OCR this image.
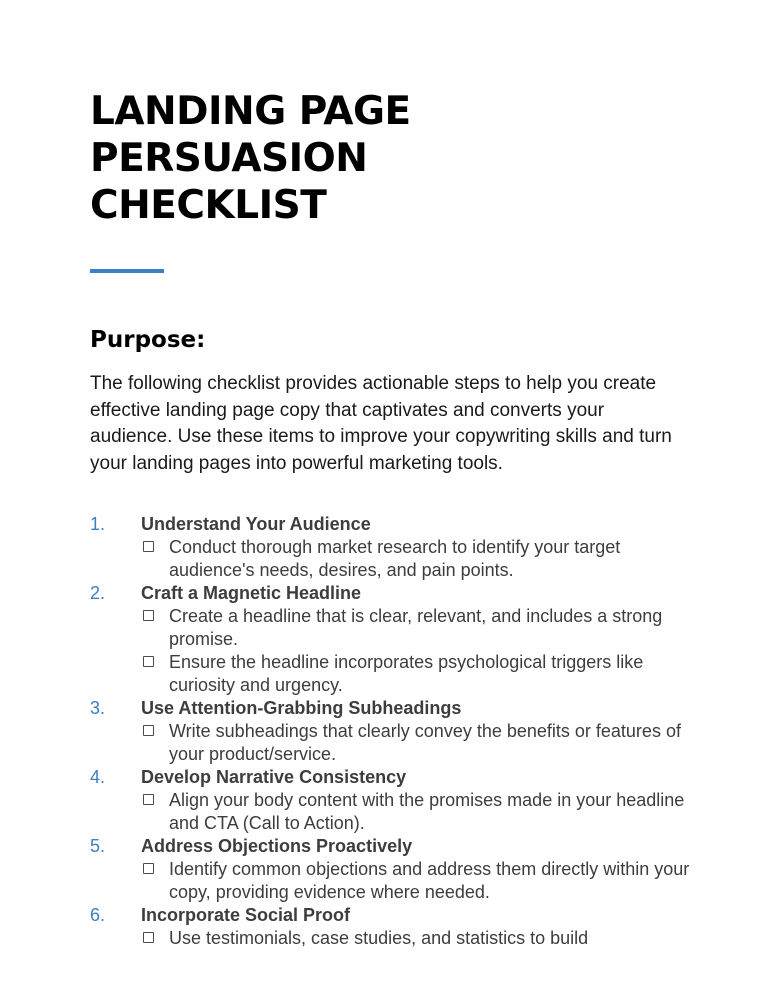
LANDING PAGE PERSUASION
CHECKLIST
Purpose:

The following checklist provides actionable steps to help you create effective landing page copy that captivates and converts your audience. Use these items to improve your copywriting skills and turn your landing pages into powerful marketing tools.

1. Understand Your Audience
Conduct thorough market research to identify your target audience's needs, desires, and pain points.
2. Craft a Magnetic Headline
Create a headline that is clear, relevant, and includes a strong promise.
Ensure the headline incorporates psychological triggers like curiosity and urgency.
3. Use Attention-Grabbing Subheadings
Write subheadings that clearly convey the benefits or features of your product/service.
4. Develop Narrative Consistency
Align your body content with the promises made in your headline and CTA (Call to Action).
5. Address Objections Proactively
Identify common objections and address them directly within your copy, providing evidence where needed.
6. Incorporate Social Proof
Use testimonials, case studies, and statistics to build
